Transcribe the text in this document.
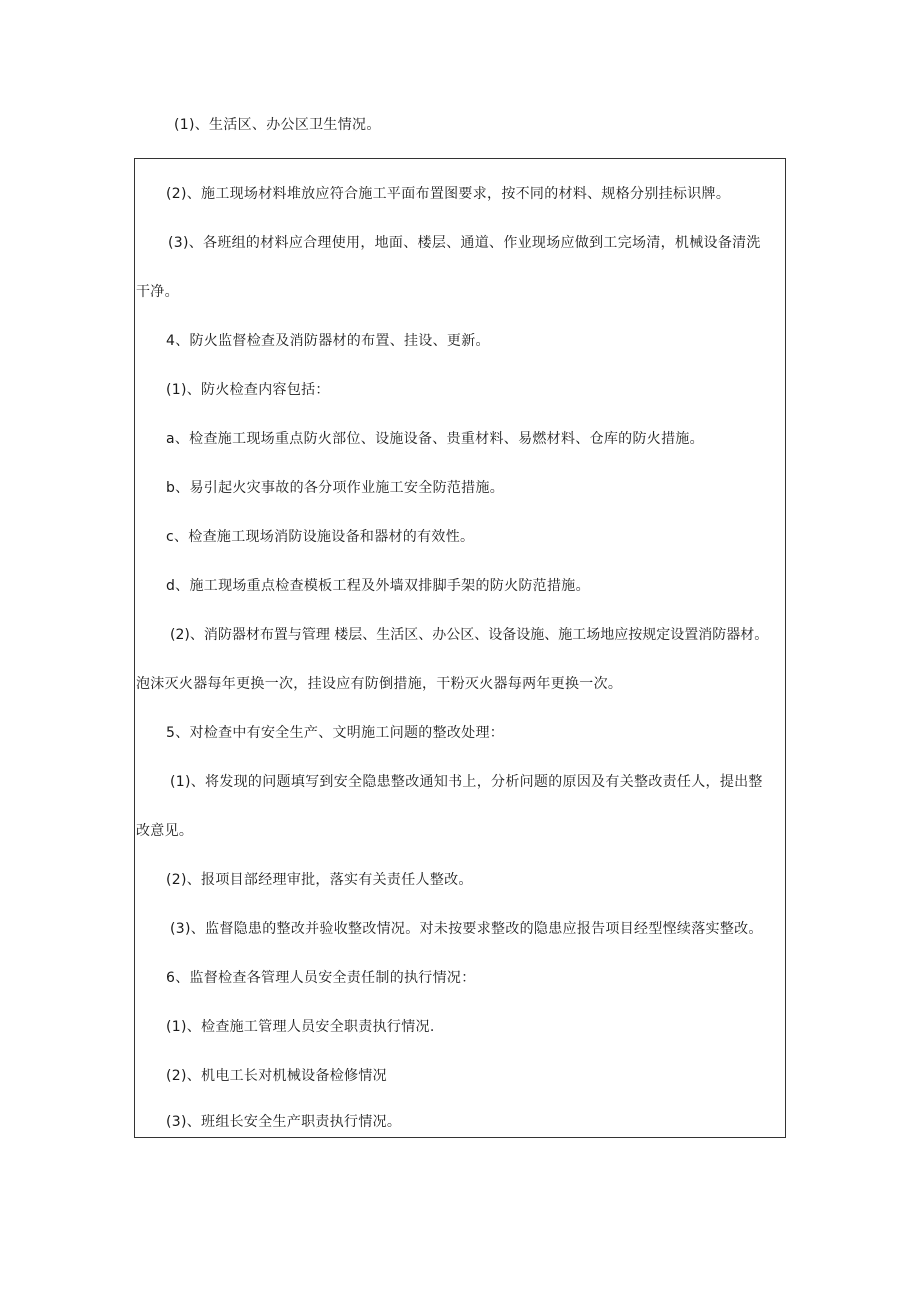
(1)、生活区、办公区卫生情况。
(2)、施工现场材料堆放应符合施工平面布置图要求，按不同的材料、规格分别挂标识牌。
(3)、各班组的材料应合理使用，地面、楼层、通道、作业现场应做到工完场清，机械设备清洗
干净。
4、防火监督检查及消防器材的布置、挂设、更新。
(1)、防火检查内容包括：
a、检查施工现场重点防火部位、设施设备、贵重材料、易燃材料、仓库的防火措施。
b、易引起火灾事故的各分项作业施工安全防范措施。
c、检查施工现场消防设施设备和器材的有效性。
d、施工现场重点检查模板工程及外墙双排脚手架的防火防范措施。
(2)、消防器材布置与管理 楼层、生活区、办公区、设备设施、施工场地应按规定设置消防器材。
泡沫灭火器每年更换一次，挂设应有防倒措施，干粉灭火器每两年更换一次。
5、对检查中有安全生产、文明施工问题的整改处理：
(1)、将发现的问题填写到安全隐患整改通知书上，分析问题的原因及有关整改责任人，提出整
改意见。
(2)、报项目部经理审批，落实有关责任人整改。
(3)、监督隐患的整改并验收整改情况。对未按要求整改的隐患应报告项目经型悭续落实整改。
6、监督检查各管理人员安全责任制的执行情况：
(1)、检查施工管理人员安全职责执行情况.
(2)、机电工长对机械设备检修情况
(3)、班组长安全生产职责执行情况。
